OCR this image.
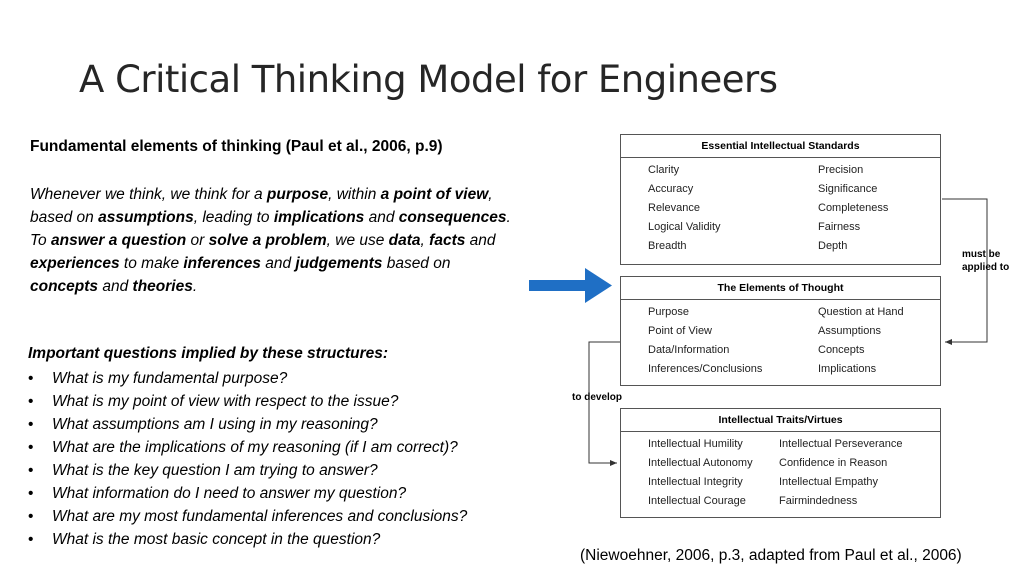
A Critical Thinking Model for Engineers
Fundamental elements of thinking (Paul et al., 2006, p.9)
Whenever we think, we think for a purpose, within a point of view, based on assumptions, leading to implications and consequences.
To answer a question or solve a problem, we use data, facts and experiences to make inferences and judgements based on concepts and theories.
Important questions implied by these structures:
• What is my fundamental purpose?
• What is my point of view with respect to the issue?
• What assumptions am I using in my reasoning?
• What are the implications of my reasoning (if I am correct)?
• What is the key question I am trying to answer?
• What information do I need to answer my question?
• What are my most fundamental inferences and conclusions?
• What is the most basic concept in the question?
Essential Intellectual Standards
Clarity	Precision
Accuracy	Significance
Relevance	Completeness
Logical Validity	Fairness
Breadth	Depth
The Elements of Thought
Purpose	Question at Hand
Point of View	Assumptions
Data/Information	Concepts
Inferences/Conclusions	Implications
Intellectual Traits/Virtues
Intellectual Humility	Intellectual Perseverance
Intellectual Autonomy	Confidence in Reason
Intellectual Integrity	Intellectual Empathy
Intellectual Courage	Fairmindedness
must be
applied to
to develop
(Niewoehner, 2006, p.3, adapted from Paul et al., 2006)
